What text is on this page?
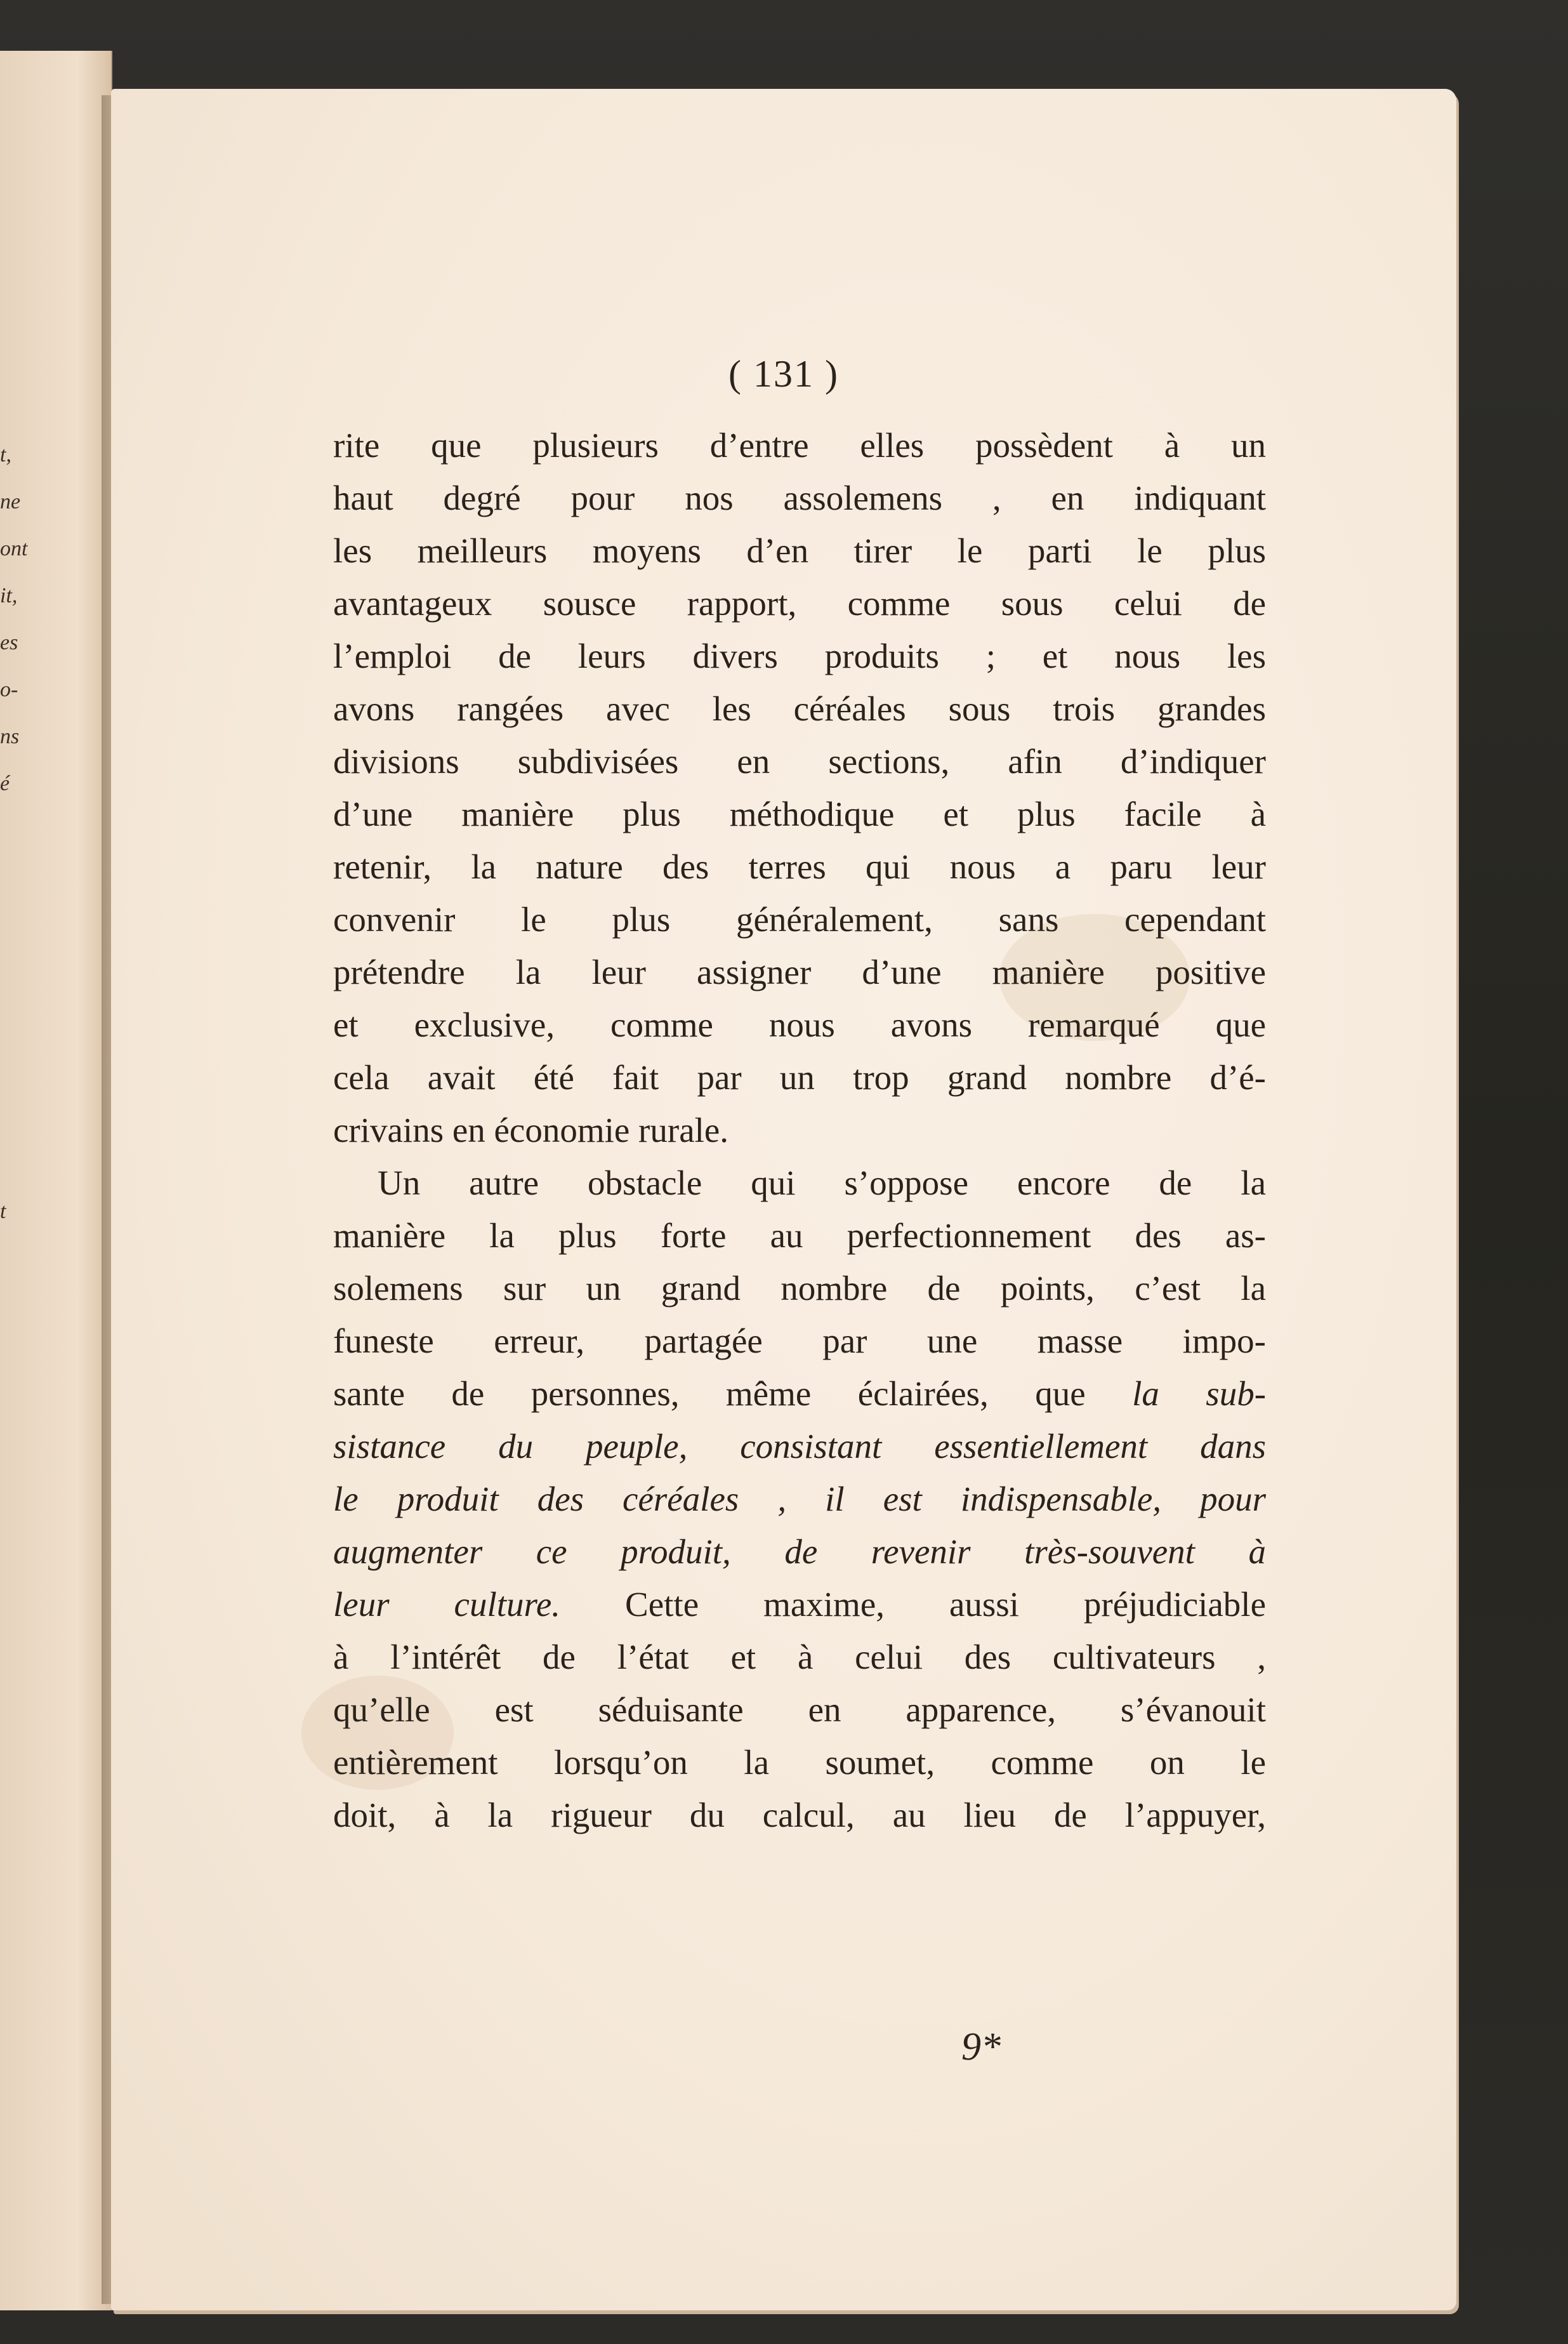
t,
ne
ont
it,
es
o-
ns
é
t
( 131 )
rite que plusieurs d’entre elles possèdent à un
haut degré pour nos assolemens , en indiquant
les meilleurs moyens d’en tirer le parti le plus
avantageux sousce rapport, comme sous celui de
l’emploi de leurs divers produits ; et nous les
avons rangées avec les céréales sous trois grandes
divisions subdivisées en sections, afin d’indiquer
d’une manière plus méthodique et plus facile à
retenir, la nature des terres qui nous a paru leur
convenir le plus généralement, sans cependant
prétendre la leur assigner d’une manière positive
et exclusive, comme nous avons remarqué que
cela avait été fait par un trop grand nombre d’é-
crivains en économie rurale.
Un autre obstacle qui s’oppose encore de la
manière la plus forte au perfectionnement des as-
solemens sur un grand nombre de points, c’est la
funeste erreur, partagée par une masse impo-
sante de personnes, même éclairées, que la sub-
sistance du peuple, consistant essentiellement dans
le produit des céréales , il est indispensable, pour
augmenter ce produit, de revenir très-souvent à
leur culture. Cette maxime, aussi préjudiciable
à l’intérêt de l’état et à celui des cultivateurs ,
qu’elle est séduisante en apparence, s’évanouit
entièrement lorsqu’on la soumet, comme on le
doit, à la rigueur du calcul, au lieu de l’appuyer,
9*
